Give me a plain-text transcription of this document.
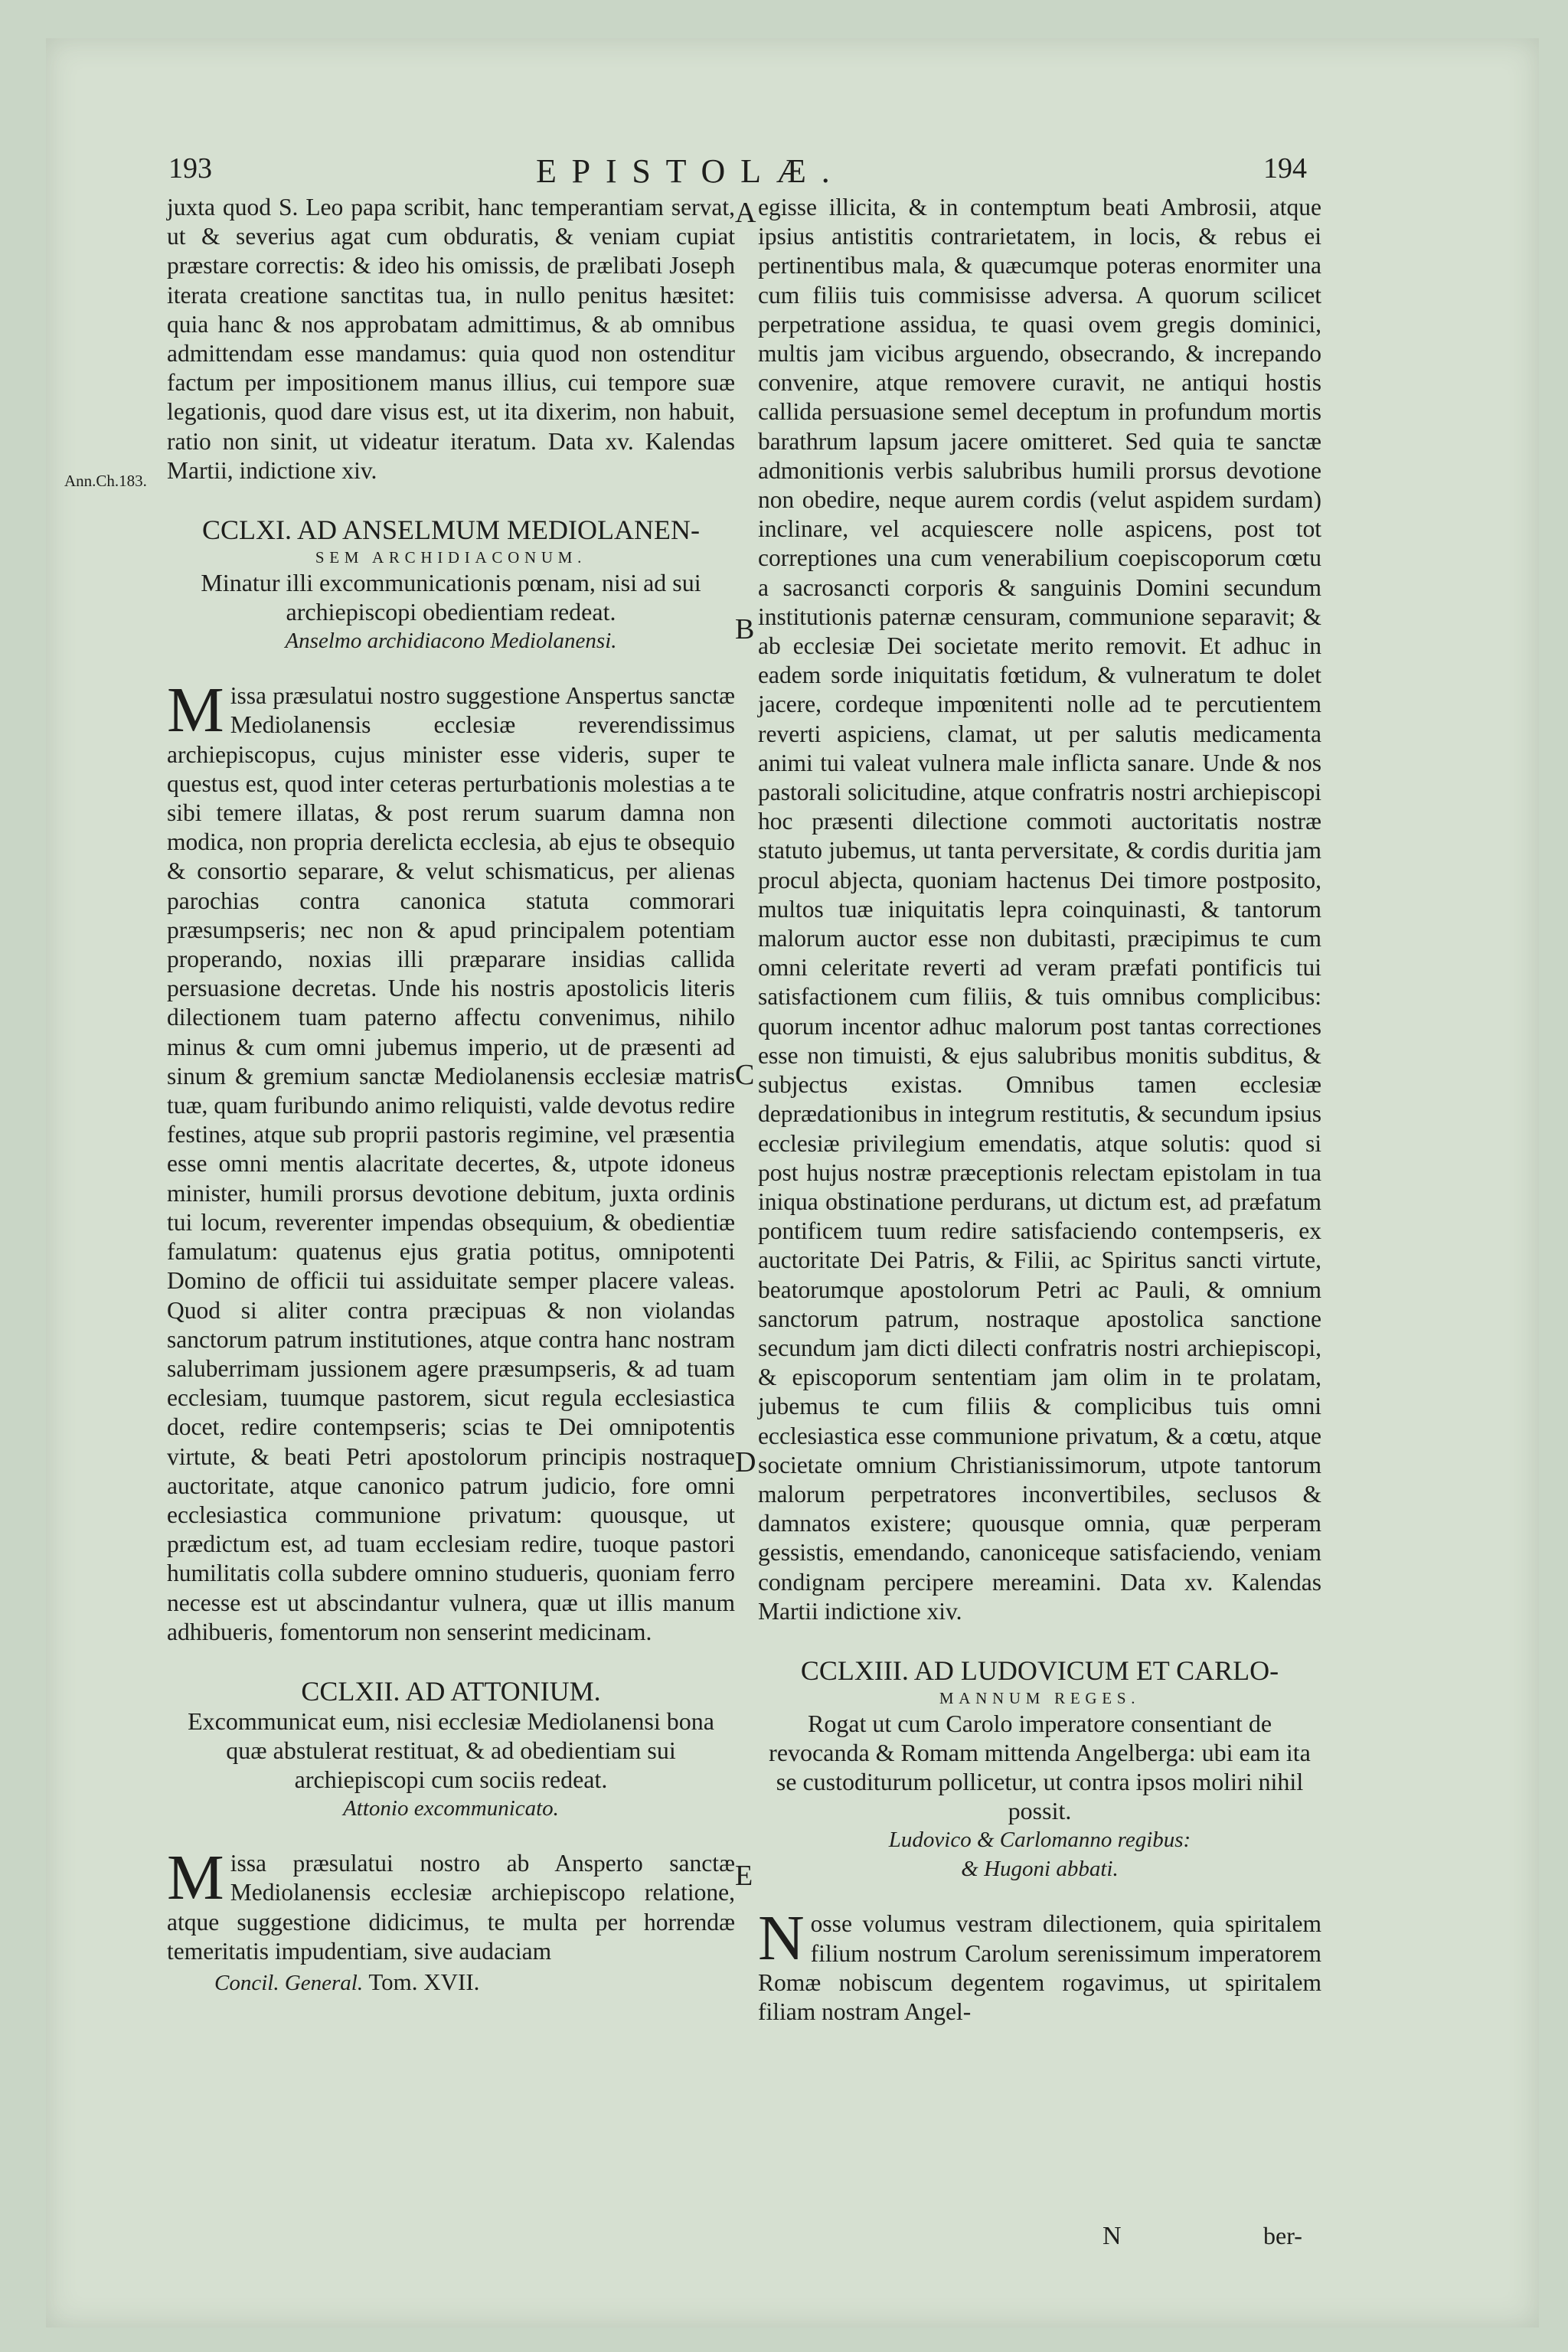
193	EPISTOLÆ.	194
Ann.Ch.183.
A
B
C
D
E

juxta quod S. Leo papa scribit, hanc temperantiam servat, ut & severius agat cum obduratis, & veniam cupiat præstare correctis: & ideo his omissis, de prælibati Joseph iterata creatione sanctitas tua, in nullo penitus hæsitet: quia hanc & nos approbatam admittimus, & ab omnibus admittendam esse mandamus: quia quod non ostenditur factum per impositionem manus illius, cui tempore suæ legationis, quod dare visus est, ut ita dixerim, non habuit, ratio non sinit, ut videatur iteratum. Data xv. Kalendas Martii, indictione xiv.

CCLXI. AD ANSELMUM MEDIOLANEN-
SEM ARCHIDIACONUM.

Minatur illi excommunicationis pœnam, nisi ad sui archiepiscopi obedientiam redeat.

Anselmo archidiacono Mediolanensi.

Missa præsulatui nostro suggestione Anspertus sanctæ Mediolanensis ecclesiæ reverendissimus archiepiscopus, cujus minister esse videris, super te questus est, quod inter ceteras perturbationis molestias a te sibi temere illatas, & post rerum suarum damna non modica, non propria derelicta ecclesia, ab ejus te obsequio & consortio separare, & velut schismaticus, per alienas parochias contra canonica statuta commorari præsumpseris; nec non & apud principalem potentiam properando, noxias illi præparare insidias callida persuasione decretas. Unde his nostris apostolicis literis dilectionem tuam paterno affectu convenimus, nihilo minus & cum omni jubemus imperio, ut de præsenti ad sinum & gremium sanctæ Mediolanensis ecclesiæ matris tuæ, quam furibundo animo reliquisti, valde devotus redire festines, atque sub proprii pastoris regimine, vel præsentia esse omni mentis alacritate decertes, &, utpote idoneus minister, humili prorsus devotione debitum, juxta ordinis tui locum, reverenter impendas obsequium, & obedientiæ famulatum: quatenus ejus gratia potitus, omnipotenti Domino de officii tui assiduitate semper placere valeas. Quod si aliter contra præcipuas & non violandas sanctorum patrum institutiones, atque contra hanc nostram saluberrimam jussionem agere præsumpseris, & ad tuam ecclesiam, tuumque pastorem, sicut regula ecclesiastica docet, redire contempseris; scias te Dei omnipotentis virtute, & beati Petri apostolorum principis nostraque auctoritate, atque canonico patrum judicio, fore omni ecclesiastica communione privatum: quousque, ut prædictum est, ad tuam ecclesiam redire, tuoque pastori humilitatis colla subdere omnino studueris, quoniam ferro necesse est ut abscindantur vulnera, quæ ut illis manum adhibueris, fomentorum non senserint medicinam.

CCLXII. AD ATTONIUM.

Excommunicat eum, nisi ecclesiæ Mediolanensi bona quæ abstulerat restituat, & ad obedientiam sui archiepiscopi cum sociis redeat.

Attonio excommunicato.

Missa præsulatui nostro ab Ansperto sanctæ Mediolanensis ecclesiæ archiepiscopo relatione, atque suggestione didicimus, te multa per horrendæ temeritatis impudentiam, sive audaciam

Concil. General. Tom. XVII.

egisse illicita, & in contemptum beati Ambrosii, atque ipsius antistitis contrarietatem, in locis, & rebus ei pertinentibus mala, & quæcumque poteras enormiter una cum filiis tuis commisisse adversa. A quorum scilicet perpetratione assidua, te quasi ovem gregis dominici, multis jam vicibus arguendo, obsecrando, & increpando convenire, atque removere curavit, ne antiqui hostis callida persuasione semel deceptum in profundum mortis barathrum lapsum jacere omitteret. Sed quia te sanctæ admonitionis verbis salubribus humili prorsus devotione non obedire, neque aurem cordis (velut aspidem surdam) inclinare, vel acquiescere nolle aspicens, post tot correptiones una cum venerabilium coepiscoporum cœtu a sacrosancti corporis & sanguinis Domini secundum institutionis paternæ censuram, communione separavit; & ab ecclesiæ Dei societate merito removit. Et adhuc in eadem sorde iniquitatis fœtidum, & vulneratum te dolet jacere, cordeque impœnitenti nolle ad te percutientem reverti aspiciens, clamat, ut per salutis medicamenta animi tui valeat vulnera male inflicta sanare. Unde & nos pastorali solicitudine, atque confratris nostri archiepiscopi hoc præsenti dilectione commoti auctoritatis nostræ statuto jubemus, ut tanta perversitate, & cordis duritia jam procul abjecta, quoniam hactenus Dei timore postposito, multos tuæ iniquitatis lepra coinquinasti, & tantorum malorum auctor esse non dubitasti, præcipimus te cum omni celeritate reverti ad veram præfati pontificis tui satisfactionem cum filiis, & tuis omnibus complicibus: quorum incentor adhuc malorum post tantas correctiones esse non timuisti, & ejus salubribus monitis subditus, & subjectus existas. Omnibus tamen ecclesiæ deprædationibus in integrum restitutis, & secundum ipsius ecclesiæ privilegium emendatis, atque solutis: quod si post hujus nostræ præceptionis relectam epistolam in tua iniqua obstinatione perdurans, ut dictum est, ad præfatum pontificem tuum redire satisfaciendo contempseris, ex auctoritate Dei Patris, & Filii, ac Spiritus sancti virtute, beatorumque apostolorum Petri ac Pauli, & omnium sanctorum patrum, nostraque apostolica sanctione secundum jam dicti dilecti confratris nostri archiepiscopi, & episcoporum sententiam jam olim in te prolatam, jubemus te cum filiis & complicibus tuis omni ecclesiastica esse communione privatum, & a cœtu, atque societate omnium Christianissimorum, utpote tantorum malorum perpetratores inconvertibiles, seclusos & damnatos existere; quousque omnia, quæ perperam gessistis, emendando, canoniceque satisfaciendo, veniam condignam percipere mereamini. Data xv. Kalendas Martii indictione xiv.

CCLXIII. AD LUDOVICUM ET CARLO-
MANNUM REGES.

Rogat ut cum Carolo imperatore consentiant de revocanda & Romam mittenda Angelberga: ubi eam ita se custoditurum pollicetur, ut contra ipsos moliri nihil possit.

Ludovico & Carlomanno regibus:
& Hugoni abbati.

Nosse volumus vestram dilectionem, quia spiritalem filium nostrum Carolum serenissimum imperatorem Romæ nobiscum degentem rogavimus, ut spiritalem filiam nostram Angel-

N	ber-
